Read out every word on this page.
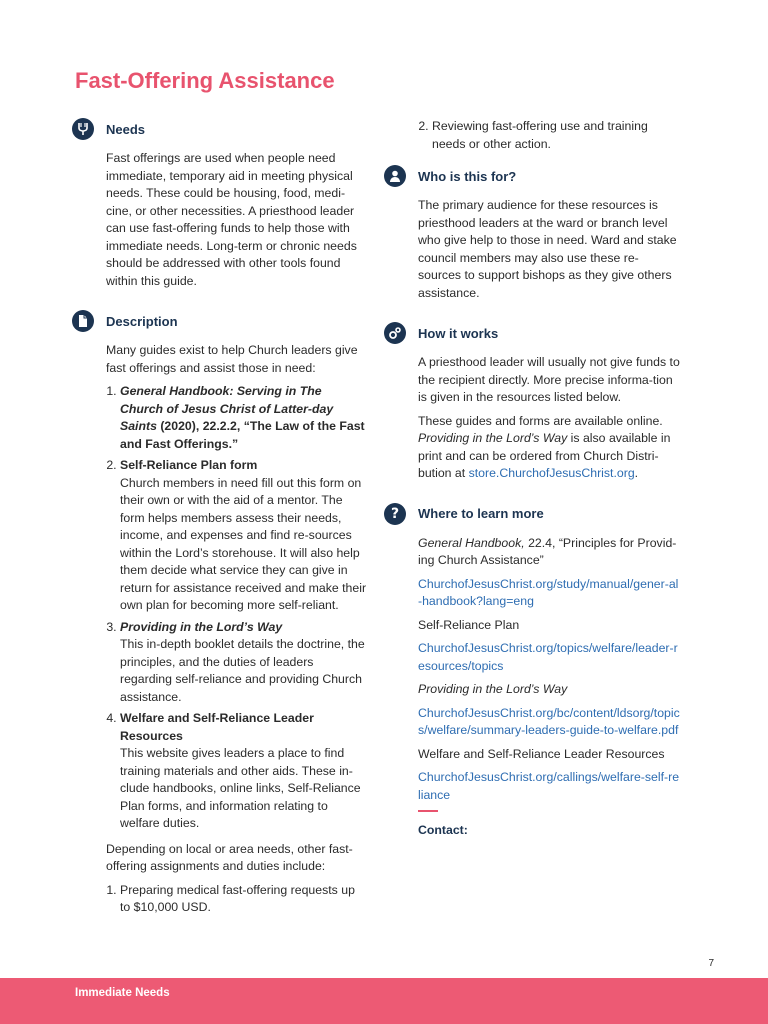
Fast-Offering Assistance
Needs

Fast offerings are used when people need immediate, temporary aid in meeting physical needs. These could be housing, food, medi-cine, or other necessities. A priesthood leader can use fast-offering funds to help those with immediate needs. Long-term or chronic needs should be addressed with other tools found within this guide.

Description

Many guides exist to help Church leaders give fast offerings and assist those in need:

1. General Handbook: Serving in The Church of Jesus Christ of Latter-day Saints (2020), 22.2.2, “The Law of the Fast and Fast Offerings.”
2. Self-Reliance Plan form
Church members in need fill out this form on their own or with the aid of a mentor. The form helps members assess their needs, income, and expenses and find re-sources within the Lord’s storehouse. It will also help them decide what service they can give in return for assistance received and make their own plan for becoming more self-reliant.
3. Providing in the Lord’s Way
This in-depth booklet details the doctrine, the principles, and the duties of leaders regarding self-reliance and providing Church assistance.
4. Welfare and Self-Reliance Leader Resources
This website gives leaders a place to find training materials and other aids. These in-clude handbooks, online links, Self-Reliance Plan forms, and information relating to welfare duties.

Depending on local or area needs, other fast-offering assignments and duties include:

1. Preparing medical fast-offering requests up to $10,000 USD.
2. Reviewing fast-offering use and training needs or other action.
Who is this for?

The primary audience for these resources is priesthood leaders at the ward or branch level who give help to those in need. Ward and stake council members may also use these re-sources to support bishops as they give others assistance.

How it works

A priesthood leader will usually not give funds to the recipient directly. More precise informa-tion is given in the resources listed below.

These guides and forms are available online. Providing in the Lord’s Way is also available in print and can be ordered from Church Distri-bution at store.ChurchofJesusChrist.org.

? Where to learn more

General Handbook, 22.4, “Principles for Provid-ing Church Assistance”

ChurchofJesusChrist.org/study/manual/gener-al-handbook?lang=eng

Self-Reliance Plan

ChurchofJesusChrist.org/topics/welfare/leader-resources/topics

Providing in the Lord’s Way

ChurchofJesusChrist.org/bc/content/ldsorg/topics/welfare/summary-leaders-guide-to-welfare.pdf

Welfare and Self-Reliance Leader Resources

ChurchofJesusChrist.org/callings/welfare-self-reliance

Contact:
7
Immediate Needs
